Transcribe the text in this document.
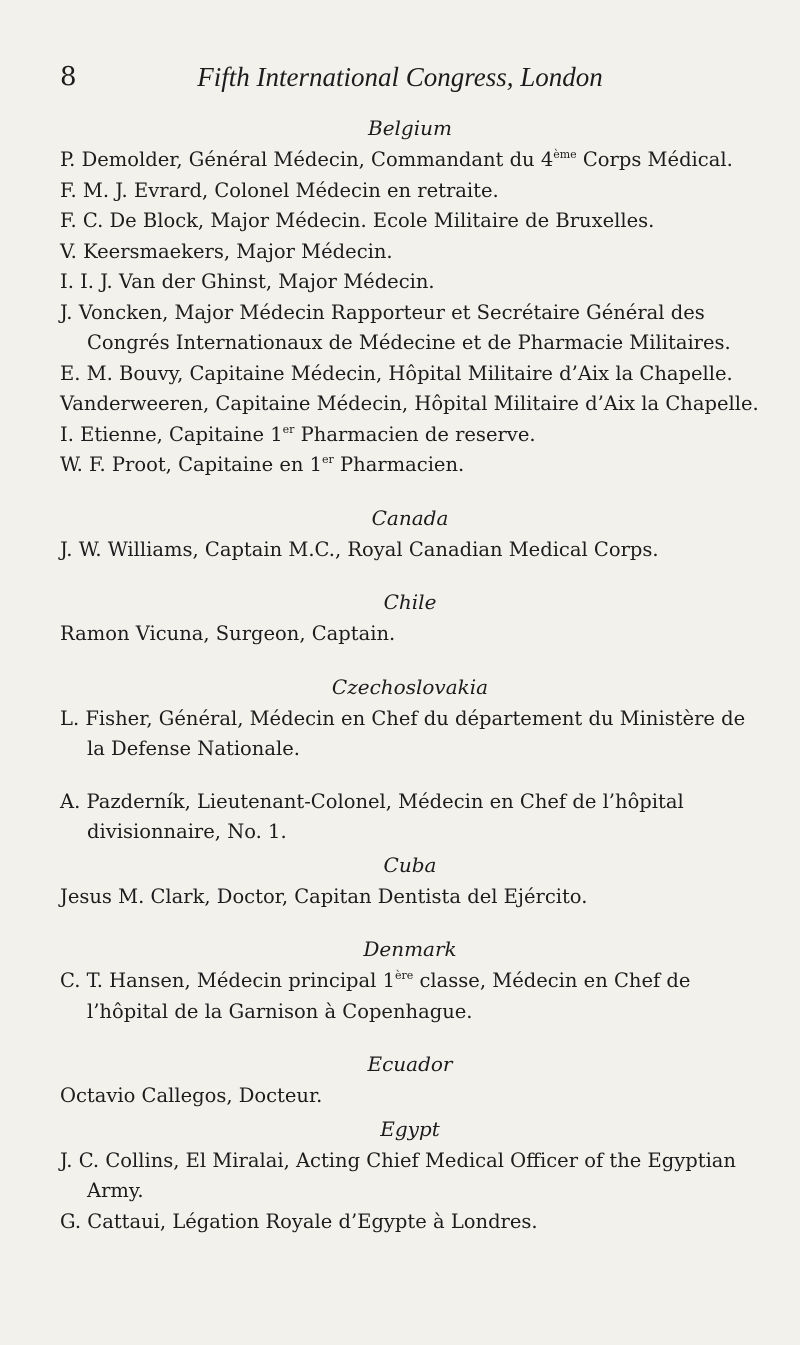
8	Fifth International Congress, London
Belgium
P. Demolder, Général Médecin, Commandant du 4ème Corps Médical.
F. M. J. Evrard, Colonel Médecin en retraite.
F. C. De Block, Major Médecin. Ecole Militaire de Bruxelles.
V. Keersmaekers, Major Médecin.
I. I. J. Van der Ghinst, Major Médecin.
J. Voncken, Major Médecin Rapporteur et Secrétaire Général des Congrés Internationaux de Médecine et de Pharmacie Militaires.
E. M. Bouvy, Capitaine Médecin, Hôpital Militaire d’Aix la Chapelle.
Vanderweeren, Capitaine Médecin, Hôpital Militaire d’Aix la Chapelle.
I. Etienne, Capitaine 1er Pharmacien de reserve.
W. F. Proot, Capitaine en 1er Pharmacien.
Canada
J. W. Williams, Captain M.C., Royal Canadian Medical Corps.
Chile
Ramon Vicuna, Surgeon, Captain.
Czechoslovakia
L. Fisher, Général, Médecin en Chef du département du Ministère de la Defense Nationale.
A. Pazderník, Lieutenant-Colonel, Médecin en Chef de l’hôpital divisionnaire, No. 1.
Cuba
Jesus M. Clark, Doctor, Capitan Dentista del Ejército.
Denmark
C. T. Hansen, Médecin principal 1ère classe, Médecin en Chef de l’hôpital de la Garnison à Copenhague.
Ecuador
Octavio Callegos, Docteur.
Egypt
J. C. Collins, El Miralai, Acting Chief Medical Officer of the Egyptian Army.
G. Cattaui, Légation Royale d’Egypte à Londres.
